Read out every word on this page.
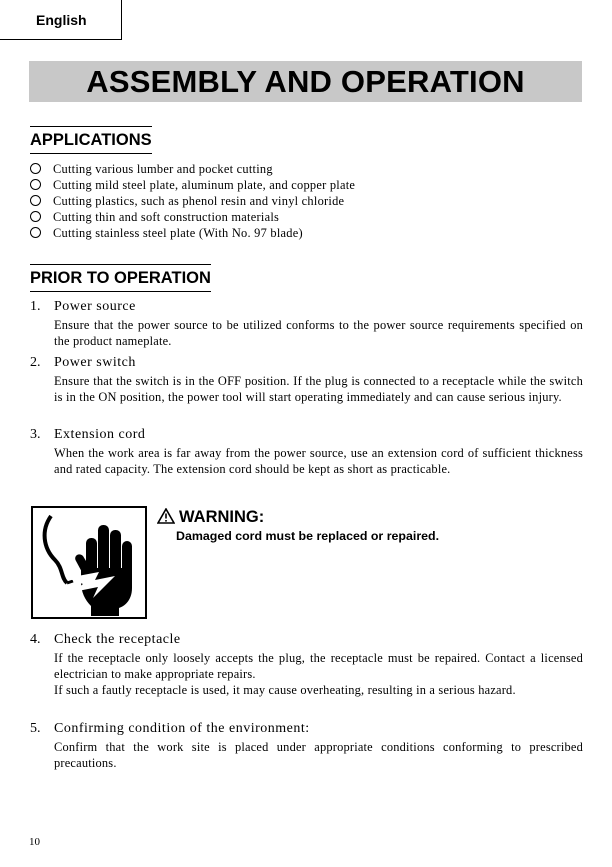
English
ASSEMBLY AND OPERATION
APPLICATIONS
Cutting various lumber and pocket cutting
Cutting mild steel plate, aluminum plate, and copper plate
Cutting plastics, such as phenol resin and vinyl chloride
Cutting thin and soft construction materials
Cutting stainless steel plate (With No. 97 blade)
PRIOR TO OPERATION
1. Power source

Ensure that the power source to be utilized conforms to the power source requirements specified on the product nameplate.

2. Power switch

Ensure that the switch is in the OFF position. If the plug is connected to a receptacle while the switch is in the ON position, the power tool will start operating immediately and can cause serious injury.

3. Extension cord

When the work area is far away from the power source, use an extension cord of sufficient thickness and rated capacity. The extension cord should be kept as short as practicable.

WARNING:
Damaged cord must be replaced or repaired.
4. Check the receptacle

If the receptacle only loosely accepts the plug, the receptacle must be repaired. Contact a licensed electrician to make appropriate repairs.

If such a fautly receptacle is used, it may cause overheating, resulting in a serious hazard.

5. Confirming condition of the environment:

Confirm that the work site is placed under appropriate conditions conforming to prescribed precautions.

10
